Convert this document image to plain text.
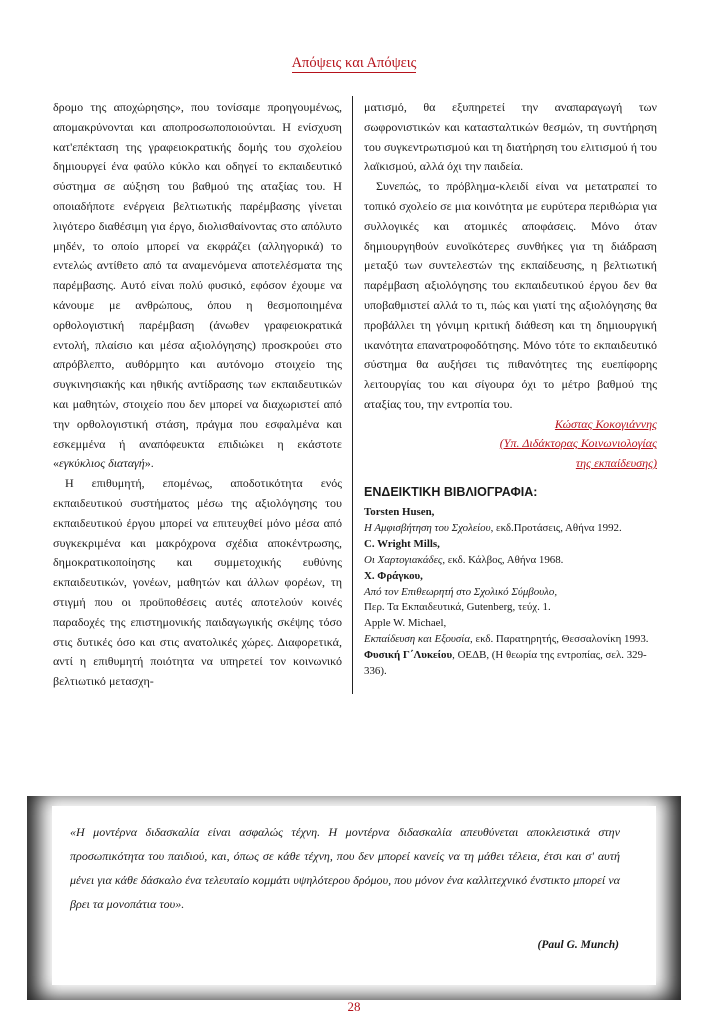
Απόψεις και Απόψεις

δρομο της αποχώρησης», που τονίσαμε προηγουμένως, απομακρύνονται και αποπροσωποποιούνται. Η ενίσχυση κατ'επέκταση της γραφειοκρατικής δομής του σχολείου δημιουργεί ένα φαύλο κύκλο και οδηγεί το εκπαιδευτικό σύστημα σε αύξηση του βαθμού της αταξίας του. Η οποιαδήποτε ενέργεια βελτιωτικής παρέμβασης γίνεται λιγότερο διαθέσιμη για έργο, διολισθαίνοντας στο απόλυτο μηδέν, το οποίο μπορεί να εκφράζει (αλληγορικά) το εντελώς αντίθετο από τα αναμενόμενα αποτελέσματα της παρέμβασης. Αυτό είναι πολύ φυσικό, εφόσον έχουμε να κάνουμε με ανθρώπους, όπου η θεσμοποιημένα ορθολογιστική παρέμβαση (άνωθεν γραφειοκρατικά εντολή, πλαίσιο και μέσα αξιολόγησης) προσκρούει στο απρόβλεπτο, αυθόρμητο και αυτόνομο στοιχείο της συγκινησιακής και ηθικής αντίδρασης των εκπαιδευτικών και μαθητών, στοιχείο που δεν μπορεί να διαχωριστεί από την ορθολογιστική στάση, πράγμα που εσφαλμένα και εσκεμμένα ή αναπόφευκτα επιδιώκει η εκάστοτε «εγκύκλιος διαταγή».

Η επιθυμητή, επομένως, αποδοτικότητα ενός εκπαιδευτικού συστήματος μέσω της αξιολόγησης του εκπαιδευτικού έργου μπορεί να επιτευχθεί μόνο μέσα από συγκεκριμένα και μακρόχρονα σχέδια αποκέντρωσης, δημοκρατικοποίησης και συμμετοχικής ευθύνης εκπαιδευτικών, γονέων, μαθητών και άλλων φορέων, τη στιγμή που οι προϋποθέσεις αυτές αποτελούν κοινές παραδοχές της επιστημονικής παιδαγωγικής σκέψης τόσο στις δυτικές όσο και στις ανατολικές χώρες. Διαφορετικά, αντί η επιθυμητή ποιότητα να υπηρετεί τον κοινωνικό βελτιωτικό μετασχη-

ματισμό, θα εξυπηρετεί την αναπαραγωγή των σωφρονιστικών και κατασταλτικών θεσμών, τη συντήρηση του συγκεντρωτισμού και τη διατήρηση του ελιτισμού ή του λαϊκισμού, αλλά όχι την παιδεία.

Συνεπώς, το πρόβλημα-κλειδί είναι να μετατραπεί το τοπικό σχολείο σε μια κοινότητα με ευρύτερα περιθώρια για συλλογικές και ατομικές αποφάσεις. Μόνο όταν δημιουργηθούν ευνοϊκότερες συνθήκες για τη διάδραση μεταξύ των συντελεστών της εκπαίδευσης, η βελτιωτική παρέμβαση αξιολόγησης του εκπαιδευτικού έργου δεν θα υποβαθμιστεί αλλά το τι, πώς και γιατί της αξιολόγησης θα προβάλλει τη γόνιμη κριτική διάθεση και τη δημιουργική ικανότητα επανατροφοδότησης. Μόνο τότε το εκπαιδευτικό σύστημα θα αυξήσει τις πιθανότητες της ευεπίφορης λειτουργίας του και σίγουρα όχι το μέτρο βαθμού της αταξίας του, την εντροπία του.

Κώστας Κοκογιάννης
(Υπ. Διδάκτορας Κοινωνιολογίας
της εκπαίδευσης)
ΕΝΔΕΙΚΤΙΚΗ ΒΙΒΛΙΟΓΡΑΦΙΑ:
Torsten Husen,
Η Αμφισβήτηση του Σχολείου, εκδ.Προτάσεις, Αθήνα 1992.
C. Wright Mills,
Οι Χαρτογιακάδες, εκδ. Κάλβος, Αθήνα 1968.
Χ. Φράγκου,
Από τον Επιθεωρητή στο Σχολικό Σύμβουλο,
Περ. Τα Εκπαιδευτικά, Gutenberg, τεύχ. 1.
Apple W. Michael,
Εκπαίδευση και Εξουσία, εκδ. Παρατηρητής, Θεσσαλονίκη 1993.
Φυσική Γ΄Λυκείου, ΟΕΔΒ, (Η θεωρία της εντροπίας, σελ. 329-336).
«Η μοντέρνα διδασκαλία είναι ασφαλώς τέχνη. Η μοντέρνα διδασκαλία απευθύνεται αποκλειστικά στην προσωπικότητα του παιδιού, και, όπως σε κάθε τέχνη, που δεν μπορεί κανείς να τη μάθει τέλεια, έτσι και σ' αυτή μένει για κάθε δάσκαλο ένα τελευταίο κομμάτι υψηλότερου δρόμου, που μόνον ένα καλλιτεχνικό ένστικτο μπορεί να βρει τα μονοπάτια του».
(Paul G. Munch)
28
